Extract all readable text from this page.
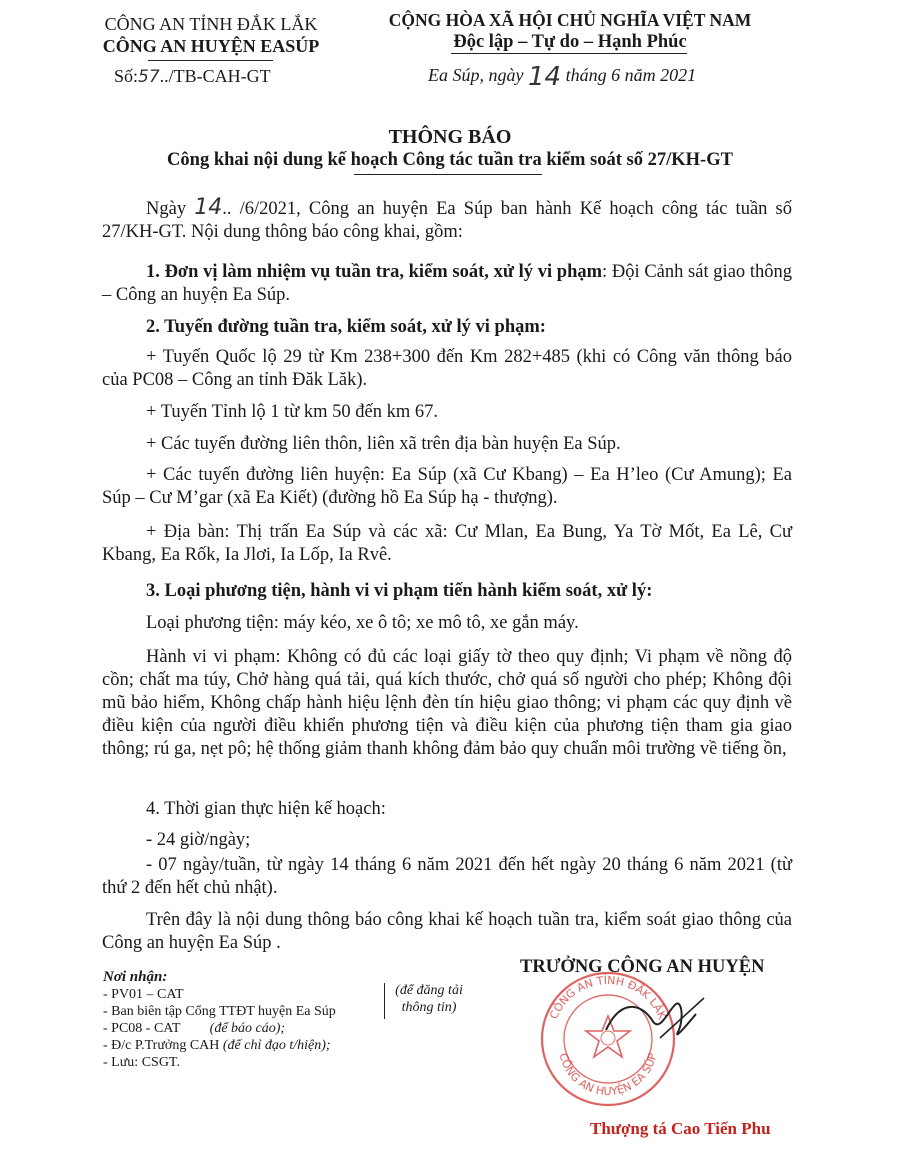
CÔNG AN TỈNH ĐẮK LẮK
CÔNG AN HUYỆN EASÚP
Số:57../TB-CAH-GT
CỘNG HÒA XÃ HỘI CHỦ NGHĨA VIỆT NAM
Độc lập – Tự do – Hạnh Phúc
Ea Súp, ngày 14 tháng 6 năm 2021
THÔNG BÁO
Công khai nội dung kế hoạch Công tác tuần tra kiểm soát số 27/KH-GT
Ngày 14.. /6/2021, Công an huyện Ea Súp ban hành Kế hoạch công tác tuần số 27/KH-GT. Nội dung thông báo công khai, gồm:
1. Đơn vị làm nhiệm vụ tuần tra, kiểm soát, xử lý vi phạm: Đội Cảnh sát giao thông – Công an huyện Ea Súp.
2. Tuyến đường tuần tra, kiểm soát, xử lý vi phạm:
+ Tuyến Quốc lộ 29 từ Km 238+300 đến Km 282+485 (khi có Công văn thông báo của PC08 – Công an tỉnh Đăk Lăk).
+ Tuyến Tỉnh lộ 1 từ km 50 đến km 67.
+ Các tuyến đường liên thôn, liên xã trên địa bàn huyện Ea Súp.
+ Các tuyến đường liên huyện: Ea Súp (xã Cư Kbang) – Ea H’leo (Cư Amung); Ea Súp – Cư M’gar (xã Ea Kiết) (đường hồ Ea Súp hạ - thượng).
+ Địa bàn: Thị trấn Ea Súp và các xã: Cư Mlan, Ea Bung, Ya Tờ Mốt, Ea Lê, Cư Kbang, Ea Rốk, Ia Jlơi, Ia Lốp, Ia Rvê.
3. Loại phương tiện, hành vi vi phạm tiến hành kiểm soát, xử lý:
Loại phương tiện: máy kéo, xe ô tô; xe mô tô, xe gắn máy.
Hành vi vi phạm: Không có đủ các loại giấy tờ theo quy định; Vi phạm về nồng độ cồn; chất ma túy, Chở hàng quá tải, quá kích thước, chở quá số người cho phép; Không đội mũ bảo hiểm, Không chấp hành hiệu lệnh đèn tín hiệu giao thông; vi phạm các quy định về điều kiện của người điều khiển phương tiện và điều kiện của phương tiện tham gia giao thông; rú ga, nẹt pô; hệ thống giảm thanh không đảm bảo quy chuẩn môi trường về tiếng ồn,
4. Thời gian thực hiện kế hoạch:
- 24 giờ/ngày;
- 07 ngày/tuần, từ ngày 14 tháng 6 năm 2021 đến hết ngày 20 tháng 6 năm 2021 (từ thứ 2 đến hết chủ nhật).
Trên đây là nội dung thông báo công khai kế hoạch tuần tra, kiểm soát giao thông của Công an huyện Ea Súp .
Nơi nhận:
- PV01 – CAT
- Ban biên tập Cổng TTĐT huyện Ea Súp
- PC08 - CAT (để báo cáo);
- Đ/c P.Trưởng CAH (để chỉ đạo t/hiện);
- Lưu: CSGT.
(để đăng tải thông tin)
TRƯỞNG CÔNG AN HUYỆN
CÔNG AN TỈNH ĐẮK LẮK
CÔNG AN HUYỆN EA SÚP
Thượng tá Cao Tiến Phu
